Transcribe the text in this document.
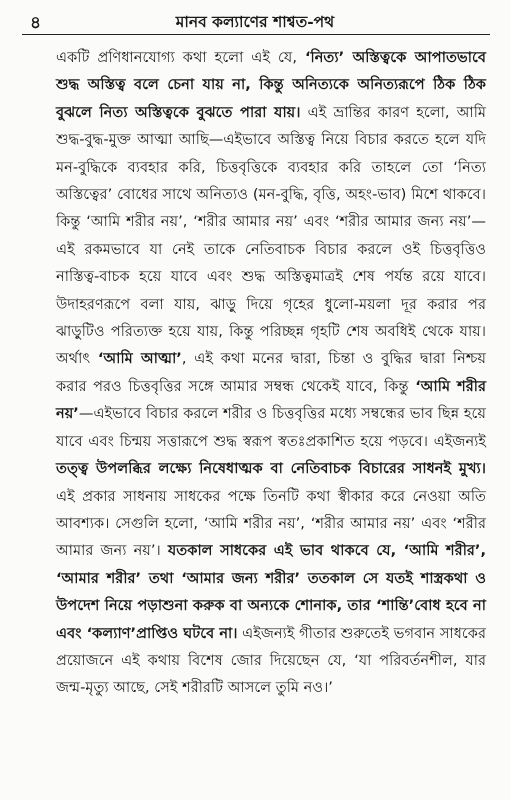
৪	মানব কল্যাণের শাশ্বত-পথ

একটি প্রণিধানযোগ্য কথা হলো এই যে, ‘নিত্য’ অস্তিত্বকে আপাতভাবে শুদ্ধ অস্তিত্ব বলে চেনা যায় না, কিন্তু অনিত্যকে অনিত্যরূপে ঠিক ঠিক বুঝলে নিত্য অস্তিত্বকে বুঝতে পারা যায়। এই ভ্রান্তির কারণ হলো, আমি শুদ্ধ-বুদ্ধ-মুক্ত আত্মা আছি—এইভাবে অস্তিত্ব নিয়ে বিচার করতে হলে যদি মন-বুদ্ধিকে ব্যবহার করি, চিত্তবৃত্তিকে ব্যবহার করি তাহলে তো ‘নিত্য অস্তিত্বের’ বোধের সাথে অনিত্যও (মন-বুদ্ধি, বৃত্তি, অহং-ভাব) মিশে থাকবে। কিন্তু ‘আমি শরীর নয়’, ‘শরীর আমার নয়’ এবং ‘শরীর আমার জন্য নয়’—এই রকমভাবে যা নেই তাকে নেতিবাচক বিচার করলে ওই চিত্তবৃত্তিও নাস্তিত্ব-বাচক হয়ে যাবে এবং শুদ্ধ অস্তিত্বমাত্রই শেষ পর্যন্ত রয়ে যাবে। উদাহরণরূপে বলা যায়, ঝাড়ু দিয়ে গৃহের ধুলো-ময়লা দূর করার পর ঝাড়ুটিও পরিত্যক্ত হয়ে যায়, কিন্তু পরিচ্ছন্ন গৃহটি শেষ অবধিই থেকে যায়। অর্থাৎ ‘আমি আত্মা’, এই কথা মনের দ্বারা, চিন্তা ও বুদ্ধির দ্বারা নিশ্চয় করার পরও চিত্তবৃত্তির সঙ্গে আমার সম্বন্ধ থেকেই যাবে, কিন্তু ‘আমি শরীর নয়’—এইভাবে বিচার করলে শরীর ও চিত্তবৃত্তির মধ্যে সম্বন্ধের ভাব ছিন্ন হয়ে যাবে এবং চিন্ময় সত্তারূপে শুদ্ধ স্বরূপ স্বতঃপ্রকাশিত হয়ে পড়বে। এইজন্যই তত্ত্ব উপলব্ধির লক্ষ্যে নিষেধাত্মক বা নেতিবাচক বিচারের সাধনই মুখ্য। এই প্রকার সাধনায় সাধকের পক্ষে তিনটি কথা স্বীকার করে নেওয়া অতি আবশ্যক। সেগুলি হলো, ‘আমি শরীর নয়’, ‘শরীর আমার নয়’ এবং ‘শরীর আমার জন্য নয়’। যতকাল সাধকের এই ভাব থাকবে যে, ‘আমি শরীর’, ‘আমার শরীর’ তথা ‘আমার জন্য শরীর’ ততকাল সে যতই শাস্ত্রকথা ও উপদেশ নিয়ে পড়াশুনা করুক বা অন্যকে শোনাক, তার ‘শান্তি’বোধ হবে না এবং ‘কল্যাণ’প্রাপ্তিও ঘটবে না। এইজন্যই গীতার শুরুতেই ভগবান সাধকের প্রয়োজনে এই কথায় বিশেষ জোর দিয়েছেন যে, ‘যা পরিবর্তনশীল, যার জন্ম-মৃত্যু আছে, সেই শরীরটি আসলে তুমি নও।’
